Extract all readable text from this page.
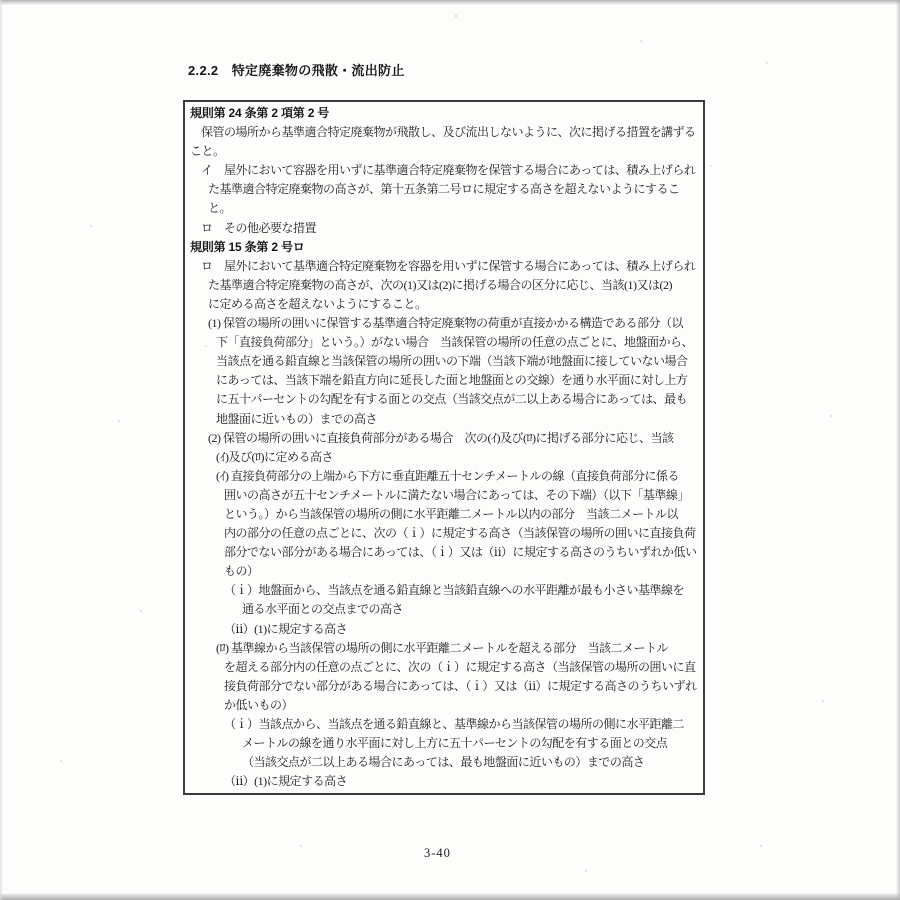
2.2.2　特定廃棄物の飛散・流出防止
規則第 24 条第 2 項第 2 号
保管の場所から基準適合特定廃棄物が飛散し、及び流出しないように、次に掲げる措置を講ずる
こと。
イ　屋外において容器を用いずに基準適合特定廃棄物を保管する場合にあっては、積み上げられ
た基準適合特定廃棄物の高さが、第十五条第二号ロに規定する高さを超えないようにするこ
と。
ロ　その他必要な措置
規則第 15 条第 2 号ロ
ロ　屋外において基準適合特定廃棄物を容器を用いずに保管する場合にあっては、積み上げられ
た基準適合特定廃棄物の高さが、次の(1)又は(2)に掲げる場合の区分に応じ、当該(1)又は(2)
に定める高さを超えないようにすること。
(1) 保管の場所の囲いに保管する基準適合特定廃棄物の荷重が直接かかる構造である部分（以
下「直接負荷部分」という。）がない場合　当該保管の場所の任意の点ごとに、地盤面から、
当該点を通る鉛直線と当該保管の場所の囲いの下端（当該下端が地盤面に接していない場合
にあっては、当該下端を鉛直方向に延長した面と地盤面との交線）を通り水平面に対し上方
に五十パーセントの勾配を有する面との交点（当該交点が二以上ある場合にあっては、最も
地盤面に近いもの）までの高さ
(2) 保管の場所の囲いに直接負荷部分がある場合　次の(ｲ)及び(ﾛ)に掲げる部分に応じ、当該
(ｲ)及び(ﾛ)に定める高さ
(ｲ) 直接負荷部分の上端から下方に垂直距離五十センチメートルの線（直接負荷部分に係る
囲いの高さが五十センチメートルに満たない場合にあっては、その下端）（以下「基準線」
という。）から当該保管の場所の側に水平距離二メートル以内の部分　当該二メートル以
内の部分の任意の点ごとに、次の（ｉ）に規定する高さ（当該保管の場所の囲いに直接負荷
部分でない部分がある場合にあっては、（ｉ）又は（ⅱ）に規定する高さのうちいずれか低い
もの）
（ｉ）地盤面から、当該点を通る鉛直線と当該鉛直線への水平距離が最も小さい基準線を
通る水平面との交点までの高さ
（ⅱ）(1)に規定する高さ
(ﾛ) 基準線から当該保管の場所の側に水平距離二メートルを超える部分　当該二メートル
を超える部分内の任意の点ごとに、次の（ｉ）に規定する高さ（当該保管の場所の囲いに直
接負荷部分でない部分がある場合にあっては、（ｉ）又は（ⅱ）に規定する高さのうちいずれ
か低いもの）
（ｉ）当該点から、当該点を通る鉛直線と、基準線から当該保管の場所の側に水平距離二
メートルの線を通り水平面に対し上方に五十パーセントの勾配を有する面との交点
（当該交点が二以上ある場合にあっては、最も地盤面に近いもの）までの高さ
（ⅱ）(1)に規定する高さ
3-40
